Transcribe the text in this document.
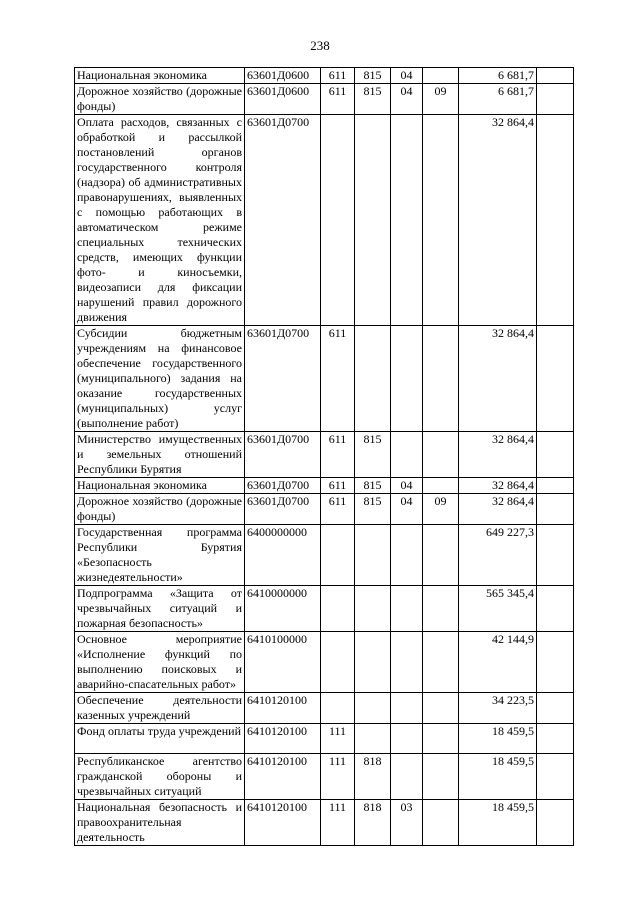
238
Национальная экономика	63601Д0600	611	815	04		6 681,7	
Дорожное хозяйство (дорожные фонды)	63601Д0600	611	815	04	09	6 681,7	
Оплата расходов, связанных с обработкой и рассылкой постановлений органов государственного контроля (надзора) об административных правонарушениях, выявленных с помощью работающих в автоматическом режиме специальных технических средств, имеющих функции фото- и киносъемки, видеозаписи для фиксации нарушений правил дорожного движения	63601Д0700					32 864,4	
Субсидии бюджетным учреждениям на финансовое обеспечение государственного (муниципального) задания на оказание государственных (муниципальных) услуг (выполнение работ)	63601Д0700	611				32 864,4	
Министерство имущественных и земельных отношений Республики Бурятия	63601Д0700	611	815			32 864,4	
Национальная экономика	63601Д0700	611	815	04		32 864,4	
Дорожное хозяйство (дорожные фонды)	63601Д0700	611	815	04	09	32 864,4	
Государственная программа Республики Бурятия «Безопасность жизнедеятельности»	6400000000					649 227,3	
Подпрограмма «Защита от чрезвычайных ситуаций и пожарная безопасность»	6410000000					565 345,4	
Основное мероприятие «Исполнение функций по выполнению поисковых и аварийно-спасательных работ»	6410100000					42 144,9	
Обеспечение деятельности казенных учреждений	6410120100					34 223,5	
Фонд оплаты труда учреждений	6410120100	111				18 459,5	
Республиканское агентство гражданской обороны и чрезвычайных ситуаций	6410120100	111	818			18 459,5	
Национальная безопасность и правоохранительная деятельность	6410120100	111	818	03		18 459,5	
